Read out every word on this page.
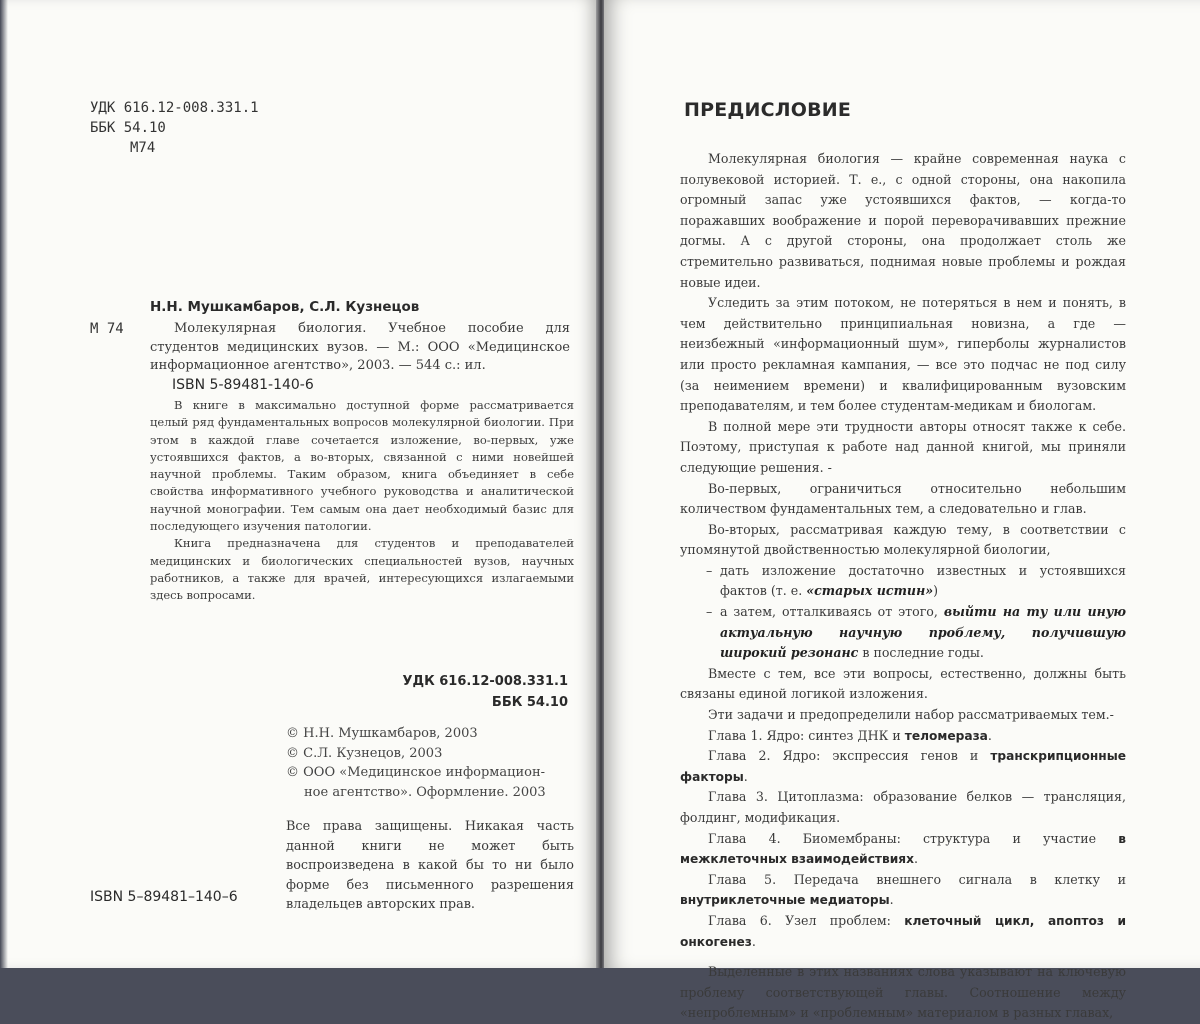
УДК 616.12-008.331.1
ББК 54.10
М74
Н.Н. Мушкамбаров, С.Л. Кузнецов
М 74	Молекулярная биология. Учебное пособие для студентов медицинских вузов. — М.: ООО «Медицинское информационное агентство», 2003. — 544 с.: ил.
ISBN 5-89481-140-6

В книге в максимально доступной форме рассматривается целый ряд фундаментальных вопросов молекулярной биологии. При этом в каждой главе сочетается изложение, во-первых, уже устоявшихся фактов, а во-вторых, связанной с ними новейшей научной проблемы. Таким образом, книга объединяет в себе свойства информативного учебного руководства и аналитической научной монографии. Тем самым она дает необходимый базис для последующего изучения патологии.

Книга предназначена для студентов и преподавателей медицинских и биологических специальностей вузов, научных работников, а также для врачей, интересующихся излагаемыми здесь вопросами.

УДК 616.12-008.331.1
ББК 54.10
© Н.Н. Мушкамбаров, 2003
© С.Л. Кузнецов, 2003
© ООО «Медицинское информацион-
ное агентство». Оформление. 2003
Все права защищены. Никакая часть данной книги не может быть воспроизведена в какой бы то ни было форме без письменного разрешения владельцев авторских прав.
ISBN 5–89481–140–6
ПРЕДИСЛОВИЕ

Молекулярная биология — крайне современная наука с полувековой историей. Т. е., с одной стороны, она накопила огромный запас уже устоявшихся фактов, — когда-то поражавших воображение и порой переворачивавших прежние догмы. А с другой стороны, она продолжает столь же стремительно развиваться, поднимая новые проблемы и рождая новые идеи.

Уследить за этим потоком, не потеряться в нем и понять, в чем действительно принципиальная новизна, а где — неизбежный «информационный шум», гиперболы журналистов или просто рекламная кампания, — все это подчас не под силу (за неимением времени) и квалифицированным вузовским преподавателям, и тем более студентам-медикам и биологам.

В полной мере эти трудности авторы относят также к себе. Поэтому, приступая к работе над данной книгой, мы приняли следующие решения. -

Во-первых, ограничиться относительно небольшим количеством фундаментальных тем, а следовательно и глав.

Во-вторых, рассматривая каждую тему, в соответствии с упомянутой двойственностью молекулярной биологии,

– дать изложение достаточно известных и устоявшихся фактов (т. е. «старых истин»)
– а затем, отталкиваясь от этого, выйти на ту или иную актуальную научную проблему, получившую широкий резонанс в последние годы.

Вместе с тем, все эти вопросы, естественно, должны быть связаны единой логикой изложения.

Эти задачи и предопределили набор рассматриваемых тем.-

Глава 1. Ядро: синтез ДНК и теломераза.

Глава 2. Ядро: экспрессия генов и транскрипционные факторы.

Глава 3. Цитоплазма: образование белков — трансляция, фолдинг, модификация.

Глава 4. Биомембраны: структура и участие в межклеточных взаимодействиях.

Глава 5. Передача внешнего сигнала в клетку и внутриклеточные медиаторы.

Глава 6. Узел проблем: клеточный цикл, апоптоз и онкогенез.

Выделенные в этих названиях слова указывают на ключевую проблему соответствующей главы. Соотношение между «непроблемным» и «проблемным» материалом в разных главах,
